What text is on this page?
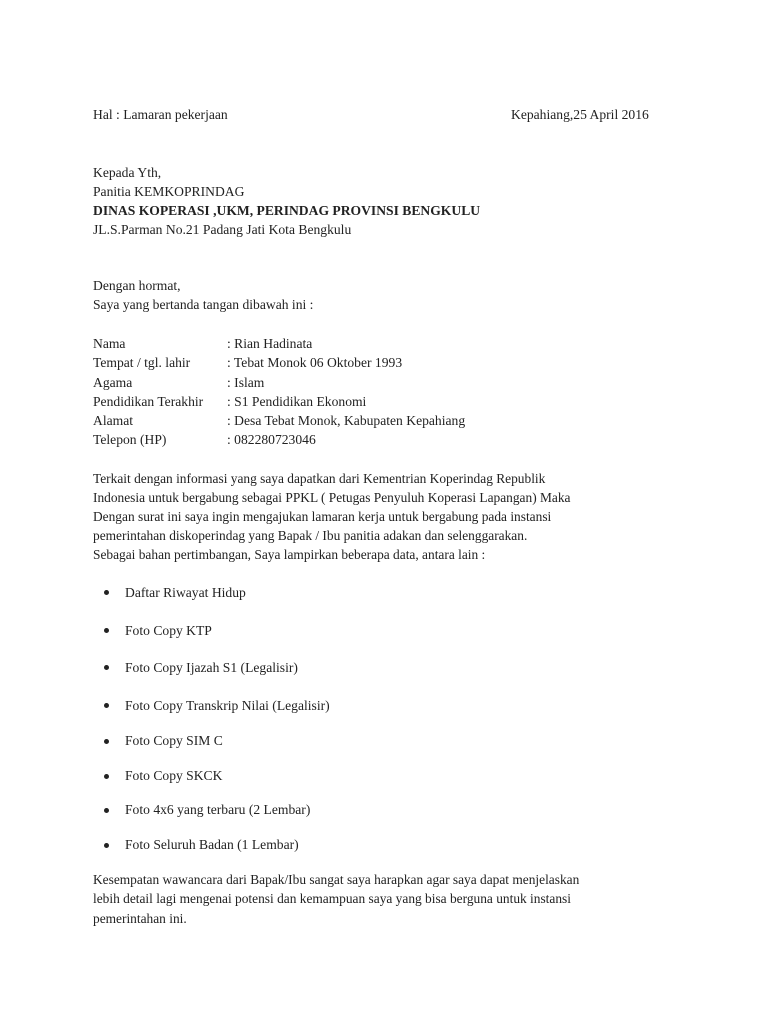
Hal : Lamaran pekerjaan	Kepahiang,25 April 2016
Kepada Yth,
Panitia KEMKOPRINDAG
DINAS KOPERASI ,UKM, PERINDAG PROVINSI BENGKULU
JL.S.Parman No.21 Padang Jati Kota Bengkulu
Dengan hormat,
Saya yang bertanda tangan dibawah ini :
Nama	: Rian Hadinata
Tempat / tgl. lahir	: Tebat Monok 06 Oktober 1993
Agama	: Islam
Pendidikan Terakhir : S1 Pendidikan Ekonomi
Alamat	: Desa Tebat Monok, Kabupaten Kepahiang
Telepon (HP)	: 082280723046
Terkait dengan informasi yang saya dapatkan dari Kementrian Koperindag Republik
Indonesia untuk bergabung sebagai PPKL ( Petugas Penyuluh Koperasi Lapangan) Maka
Dengan surat ini saya ingin mengajukan lamaran kerja untuk bergabung pada instansi
pemerintahan diskoperindag yang Bapak / Ibu panitia adakan dan selenggarakan.
Sebagai bahan pertimbangan, Saya lampirkan beberapa data, antara lain :
Daftar Riwayat Hidup
Foto Copy KTP
Foto Copy Ijazah S1 (Legalisir)
Foto Copy Transkrip Nilai (Legalisir)
Foto Copy SIM C
Foto Copy SKCK
Foto 4x6 yang terbaru (2 Lembar)
Foto Seluruh Badan (1 Lembar)
Kesempatan wawancara dari Bapak/Ibu sangat saya harapkan agar saya dapat menjelaskan
lebih detail lagi mengenai potensi dan kemampuan saya yang bisa berguna untuk instansi
pemerintahan ini.
